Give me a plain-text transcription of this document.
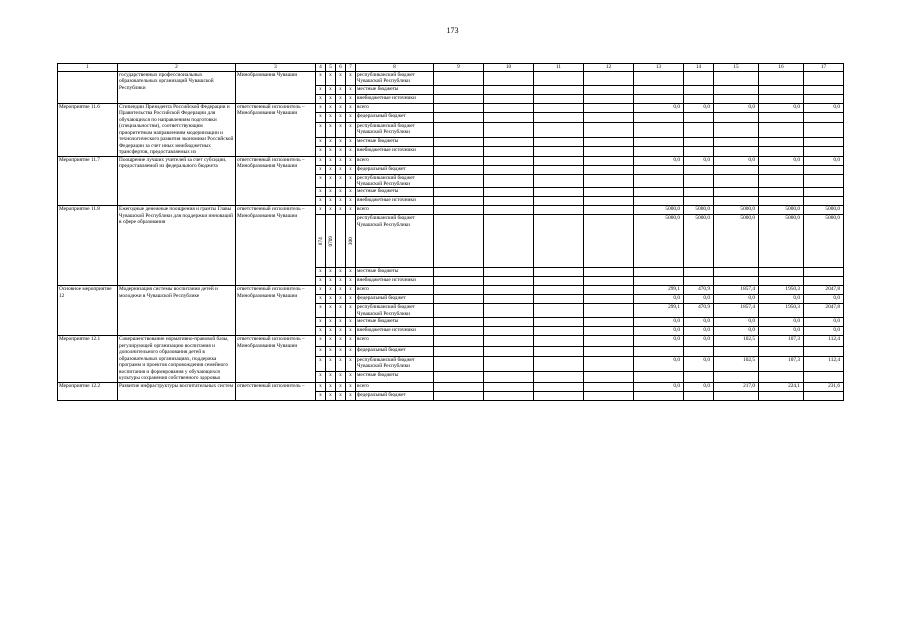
173
1	2	3	4	5	6	7	8	9	10	11	12	13	14	15	16	17
	государственных профессиональных образовательных организаций Чувашской Республики	Минобразования Чувашии	x	x	x	x	республиканский бюджет Чувашской Республики									
			x	x	x	x	местные бюджеты									
			x	x	x	x	внебюджетные источники									
Мероприятие 11.6	Стипендии Президента Российской Федерации и Правительства Российской Федерации для обучающихся по направлениям подготовки (специальностям), соответствующим приоритетным направлениям модернизации и технологического развития экономики Российской Федерации за счет иных межбюджетных трансфертов, предоставляемых из	ответственный исполнитель – Минобразования Чувашии	x	x	x	x	всего					0,0	0,0	0,0	0,0	0,0
			x	x	x	x	федеральный бюджет									
			x	x	x	x	республиканский бюджет Чувашской Республики									
			x	x	x	x	местные бюджеты									
			x	x	x	x	внебюджетные источники									
Мероприятие 11.7	Поощрение лучших учителей за счет субсидии, предоставляемой из федерального бюджета	ответственный исполнитель – Минобразования Чувашии	x	x	x	x	всего					0,0	0,0	0,0	0,0	0,0
			x	x	x	x	федеральный бюджет									
			x	x	x	x	республиканский бюджет Чувашской Республики									
			x	x	x	x	местные бюджеты									
			x	x	x	x	внебюджетные источники									
Мероприятие 11.8	Ежегодные денежные поощрения и гранты Главы Чувашской Республики для поддержки инноваций в сфере образования	ответственный исполнитель – Минобразования Чувашии	x	x	x	x	всего					5000,0	5000,0	5000,0	5000,0	5000,0
			874	0709		300	республиканский бюджет Чувашской Республики					5000,0	5000,0	5000,0	5000,0	5000,0
			x	x	x	x	местные бюджеты									
			x	x	x	x	внебюджетные источники									
Основное мероприятие 12	Модернизация системы воспитания детей и молодежи в Чувашской Республике	ответственный исполнитель – Минобразования Чувашии	x	x	x	x	всего					299,1	470,9	1857,4	1950,3	2047,8
			x	x	x	x	федеральный бюджет					0,0	0,0	0,0	0,0	0,0
			x	x	x	x	республиканский бюджет Чувашской Республики					299,1	470,9	1857,4	1950,3	2047,8
			x	x	x	x	местные бюджеты					0,0	0,0	0,0	0,0	0,0
			x	x	x	x	внебюджетные источники					0,0	0,0	0,0	0,0	0,0
Мероприятие 12.1	Совершенствование нормативно-правовой базы, регулирующей организацию воспитания и дополнительного образования детей в образовательных организациях, поддержка программ и проектов сопровождения семейного воспитания и формирования у обучающихся культуры сохранения собственного здоровья	ответственный исполнитель – Минобразования Чувашии	x	x	x	x	всего					0,0	0,0	102,5	107,3	112,4
			x	x	x	x	федеральный бюджет									
			x	x	x	x	республиканский бюджет Чувашской Республики					0,0	0,0	102,5	107,3	112,4
			x	x	x	x	местные бюджеты									
Мероприятие 12.2	Развитие инфраструктуры воспитательных систем	ответственный исполнитель –	x	x	x	x	всего					0,0	0,0	217,0	224,1	231,6
			x	x	x	x	федеральный бюджет									
